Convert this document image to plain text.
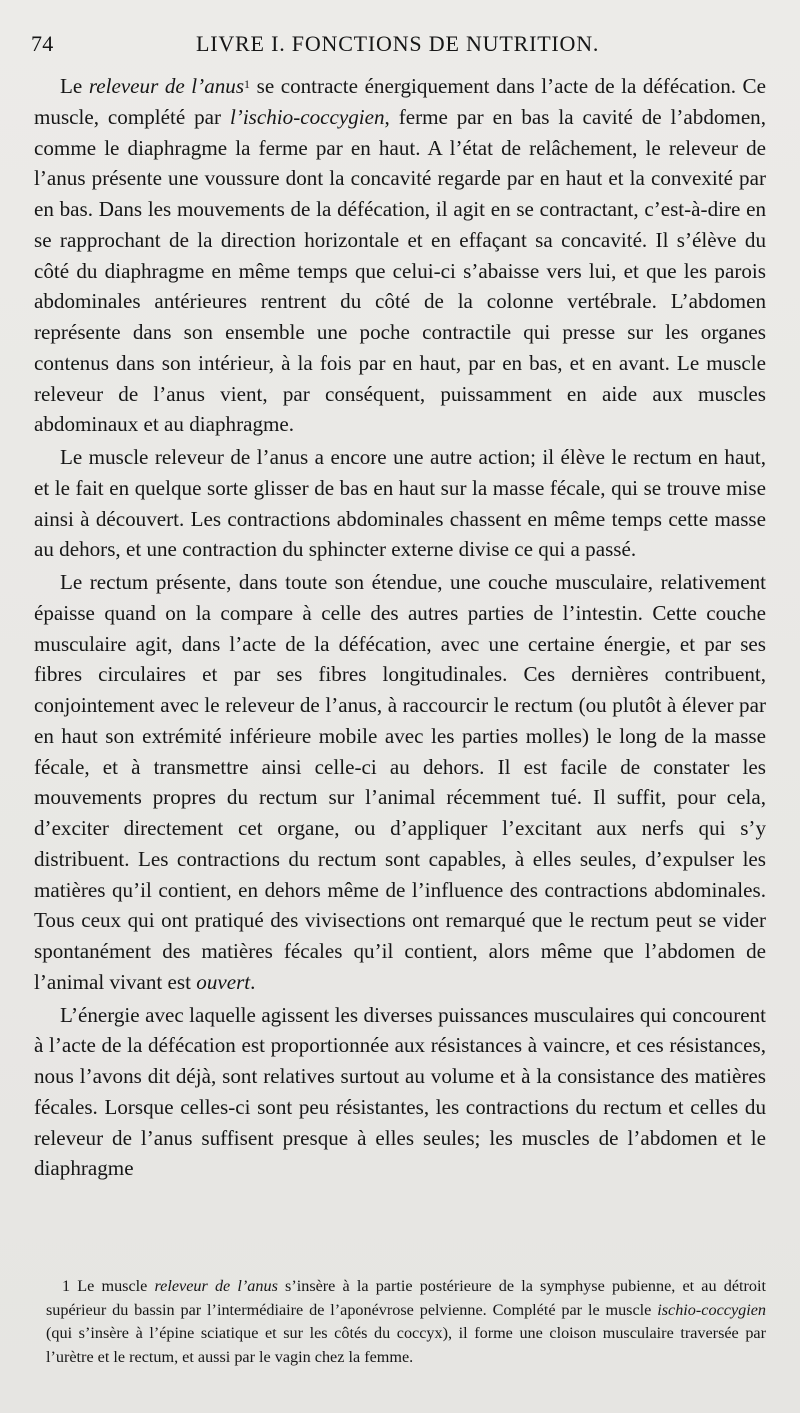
74	LIVRE I. FONCTIONS DE NUTRITION.

Le releveur de l’anus$^1$ se contracte énergiquement dans l’acte de la défécation. Ce muscle, complété par l’ischio-coccygien, ferme par en bas la cavité de l’abdomen, comme le diaphragme la ferme par en haut. A l’état de relâchement, le releveur de l’anus présente une voussure dont la concavité regarde par en haut et la convexité par en bas. Dans les mouvements de la défécation, il agit en se contractant, c’est-à-dire en se rapprochant de la direction horizontale et en effaçant sa concavité. Il s’élève du côté du diaphragme en même temps que celui-ci s’abaisse vers lui, et que les parois abdominales antérieures rentrent du côté de la colonne vertébrale. L’abdomen représente dans son ensemble une poche contractile qui presse sur les organes contenus dans son intérieur, à la fois par en haut, par en bas, et en avant. Le muscle releveur de l’anus vient, par conséquent, puissamment en aide aux muscles abdominaux et au diaphragme.

Le muscle releveur de l’anus a encore une autre action; il élève le rectum en haut, et le fait en quelque sorte glisser de bas en haut sur la masse fécale, qui se trouve mise ainsi à découvert. Les contractions abdominales chassent en même temps cette masse au dehors, et une contraction du sphincter externe divise ce qui a passé.

Le rectum présente, dans toute son étendue, une couche musculaire, relativement épaisse quand on la compare à celle des autres parties de l’intestin. Cette couche musculaire agit, dans l’acte de la défécation, avec une certaine énergie, et par ses fibres circulaires et par ses fibres longitudinales. Ces dernières contribuent, conjointement avec le releveur de l’anus, à raccourcir le rectum (ou plutôt à élever par en haut son extrémité inférieure mobile avec les parties molles) le long de la masse fécale, et à transmettre ainsi celle-ci au dehors. Il est facile de constater les mouvements propres du rectum sur l’animal récemment tué. Il suffit, pour cela, d’exciter directement cet organe, ou d’appliquer l’excitant aux nerfs qui s’y distribuent. Les contractions du rectum sont capables, à elles seules, d’expulser les matières qu’il contient, en dehors même de l’influence des contractions abdominales. Tous ceux qui ont pratiqué des vivisections ont remarqué que le rectum peut se vider spontanément des matières fécales qu’il contient, alors même que l’abdomen de l’animal vivant est ouvert.

L’énergie avec laquelle agissent les diverses puissances musculaires qui concourent à l’acte de la défécation est proportionnée aux résistances à vaincre, et ces résistances, nous l’avons dit déjà, sont relatives surtout au volume et à la consistance des matières fécales. Lorsque celles-ci sont peu résistantes, les contractions du rectum et celles du releveur de l’anus suffisent presque à elles seules; les muscles de l’abdomen et le diaphragme

1 Le muscle releveur de l’anus s’insère à la partie postérieure de la symphyse pubienne, et au détroit supérieur du bassin par l’intermédiaire de l’aponévrose pelvienne. Complété par le muscle ischio-coccygien (qui s’insère à l’épine sciatique et sur les côtés du coccyx), il forme une cloison musculaire traversée par l’urètre et le rectum, et aussi par le vagin chez la femme.
